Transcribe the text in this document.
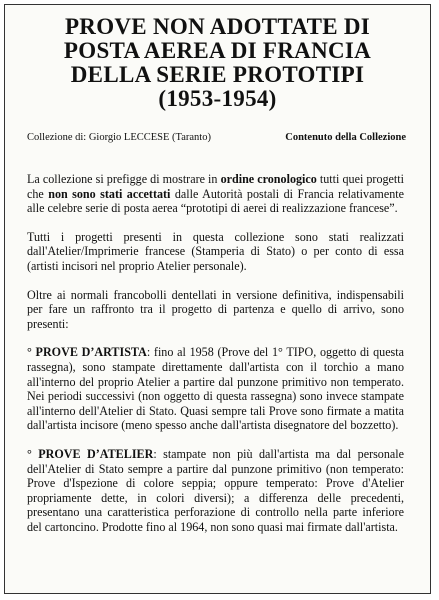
PROVE NON ADOTTATE DI
POSTA AEREA DI FRANCIA
DELLA SERIE PROTOTIPI
(1953-1954)
Collezione di: Giorgio LECCESE (Taranto)	Contenuto della Collezione

La collezione si prefigge di mostrare in ordine cronologico tutti quei progetti che non sono stati accettati dalle Autorità postali di Francia relativamente alle celebre serie di posta aerea “prototipi di aerei di realizzazione francese”.

Tutti i progetti presenti in questa collezione sono stati realizzati dall'Atelier/Imprimerie francese (Stamperia di Stato) o per conto di essa (artisti incisori nel proprio Atelier personale).

Oltre ai normali francobolli dentellati in versione definitiva, indispensabili per fare un raffronto tra il progetto di partenza e quello di arrivo, sono presenti:

° PROVE D’ARTISTA: fino al 1958 (Prove del 1° TIPO, oggetto di questa rassegna), sono stampate direttamente dall'artista con il torchio a mano all'interno del proprio Atelier a partire dal punzone primitivo non temperato. Nei periodi successivi (non oggetto di questa rassegna) sono invece stampate all'interno dell'Atelier di Stato. Quasi sempre tali Prove sono firmate a matita dall'artista incisore (meno spesso anche dall'artista disegnatore del bozzetto).

° PROVE D’ATELIER: stampate non più dall'artista ma dal personale dell'Atelier di Stato sempre a partire dal punzone primitivo (non temperato: Prove d'Ispezione di colore seppia; oppure temperato: Prove d'Atelier propriamente dette, in colori diversi); a differenza delle precedenti, presentano una caratteristica perforazione di controllo nella parte inferiore del cartoncino. Prodotte fino al 1964, non sono quasi mai firmate dall'artista.
